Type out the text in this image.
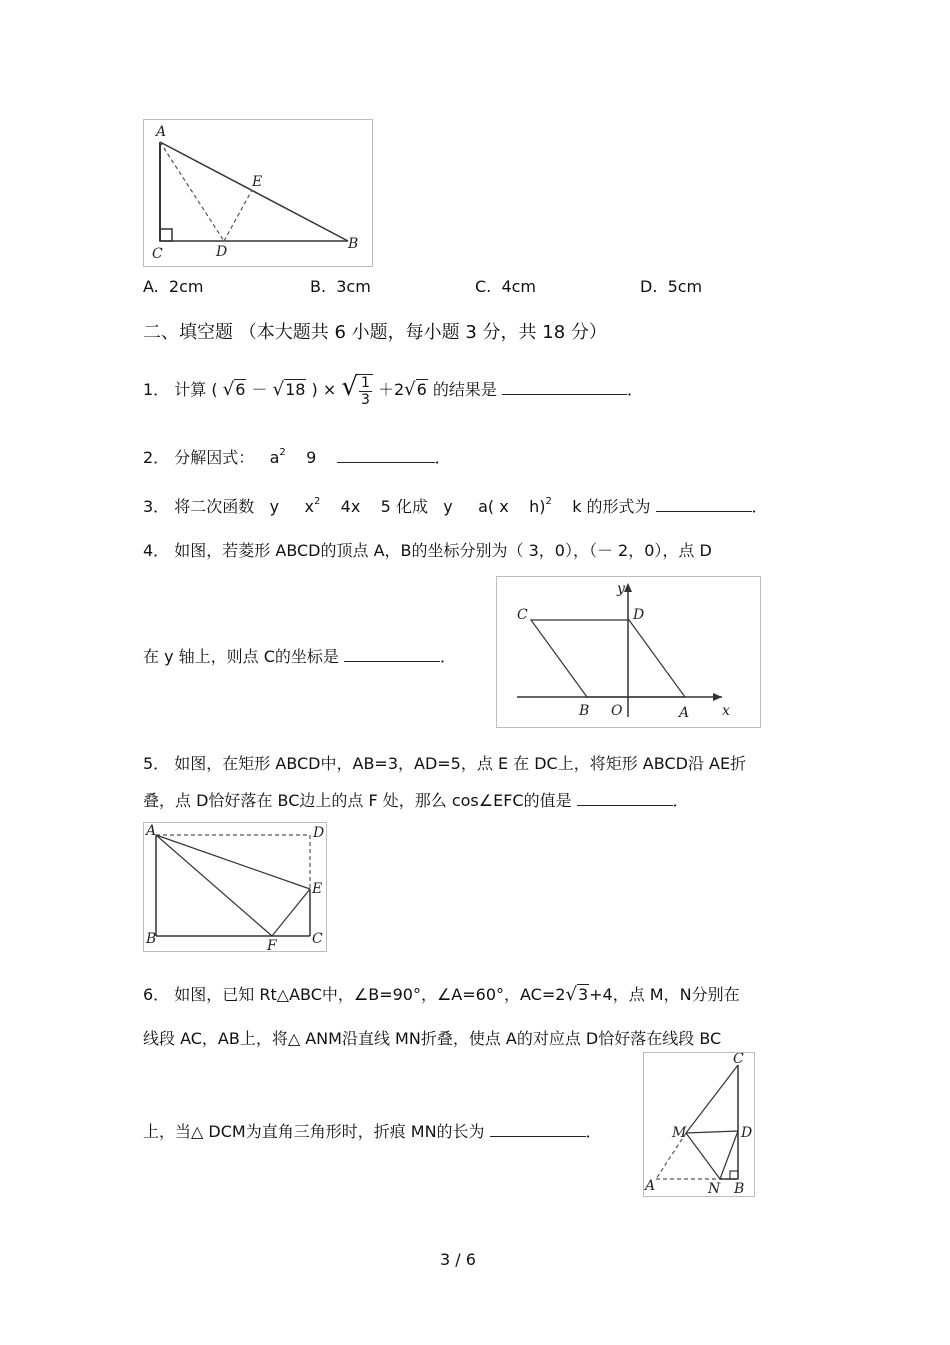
A
E
C	D	B
A. 2cm	B. 3cm	C. 4cm	D. 5cm
二、填空题 （本大题共 6 小题，每小题 3 分，共 18 分）
1． 计算 ( √6 － √18 ) × √ $\frac{1}{3} +2√6$ 的结果是	．
2． 分解因式： $a^2$ 9	．
3． 将二次函数 y $x^2$ 4x 5 化成 y a( x h)$^2$ k 的形式为	．
4． 如图，若菱形 ABCD的顶点 A，B的坐标分别为（ 3，0），（－ 2，0），点 D
在 y 轴上，则点 C的坐标是	．
C	D
B O	A x
y
5． 如图，在矩形 ABCD中，AB=3，AD=5，点 E 在 DC上，将矩形 ABCD沿 AE折
叠，点 D恰好落在 BC边上的点 F 处，那么 cos∠EFC的值是	．
A	D
E
B	F	C
6． 如图，已知 Rt△ABC中，∠B=90°，∠A=60°，AC=2√3+4，点 M，N分别在
线段 AC，AB上，将△ ANM沿直线 MN折叠，使点 A的对应点 D恰好落在线段 BC
上，当△ DCM为直角三角形时，折痕 MN的长为	．
C
M	D
A	N B
3 / 6
